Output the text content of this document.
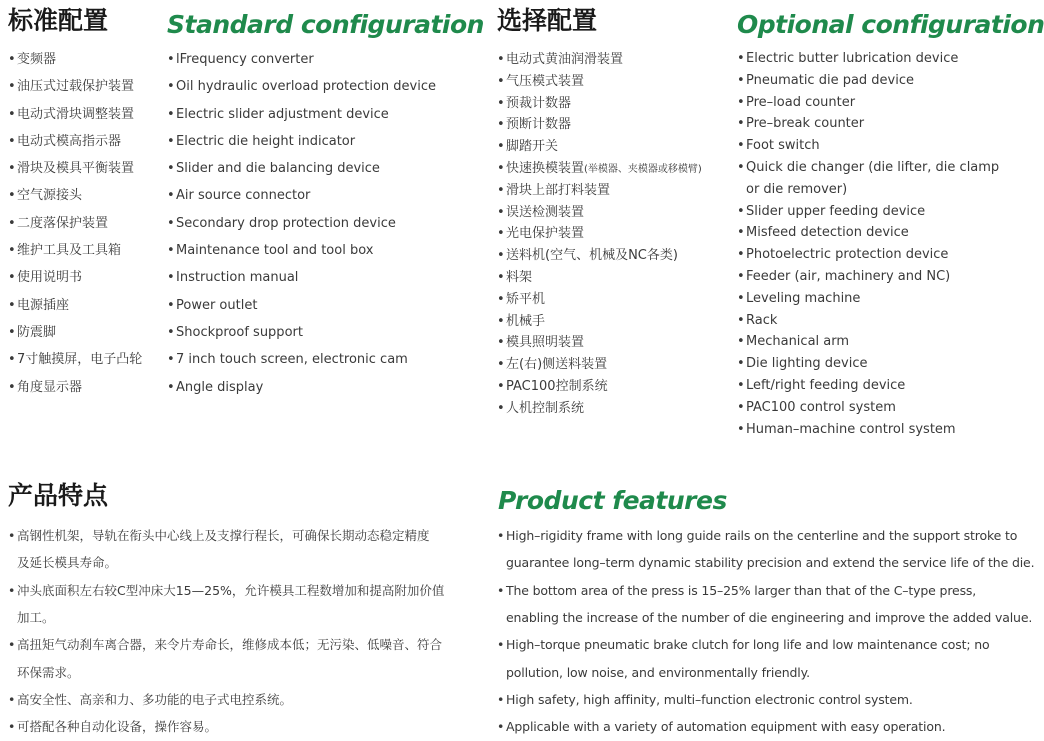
标准配置 Standard configuration 选择配置	Optional configuration
产品特点	Product features
•变频器
•油压式过载保护装置
•电动式滑块调整装置
•电动式模高指示器
•滑块及模具平衡装置
•空气源接头
•二度落保护装置
•维护工具及工具箱
•使用说明书
•电源插座
•防震脚
•7寸触摸屏，电子凸轮
•角度显示器
•lFrequency converter
•Oil hydraulic overload protection device
•Electric slider adjustment device
•Electric die height indicator
•Slider and die balancing device
•Air source connector
•Secondary drop protection device
•Maintenance tool and tool box
•Instruction manual
•Power outlet
•Shockproof support
•7 inch touch screen, electronic cam
•Angle display
•电动式黄油润滑装置
•气压模式装置
•预裁计数器
•预断计数器
•脚踏开关
•快速换模装置(举模器、夹模器或移模臂)
•滑块上部打料装置
•误送检测装置
•光电保护装置
•送料机(空气、机械及NC各类)
•料架
•矫平机
•机械手
•模具照明装置
•左(右)侧送料装置
•PAC100控制系统
•人机控制系统
•Electric butter lubrication device
•Pneumatic die pad device
•Pre–load counter
•Pre–break counter
•Foot switch
•Quick die changer (die lifter, die clamp
or die remover)
•Slider upper feeding device
•Misfeed detection device
•Photoelectric protection device
•Feeder (air, machinery and NC)
•Leveling machine
•Rack
•Mechanical arm
•Die lighting device
•Left/right feeding device
•PAC100 control system
•Human–machine control system
• 高钢性机架，导轨在衔头中心线上及支撑行程长，可确保长期动态稳定精度
及延长模具寿命。
• 冲头底面积左右较C型冲床大15—25%，允许模具工程数增加和提高附加价值
加工。
• 高扭矩气动刹车离合器，来令片寿命长，维修成本低；无污染、低噪音、符合
环保需求。
• 高安全性、高亲和力、多功能的电子式电控系统。
• 可搭配各种自动化设备，操作容易。
• High–rigidity frame with long guide rails on the centerline and the support stroke to
guarantee long–term dynamic stability precision and extend the service life of the die.
• The bottom area of the press is 15–25% larger than that of the C–type press,
enabling the increase of the number of die engineering and improve the added value.
• High–torque pneumatic brake clutch for long life and low maintenance cost; no
pollution, low noise, and environmentally friendly.
• High safety, high affinity, multi–function electronic control system.
• Applicable with a variety of automation equipment with easy operation.
